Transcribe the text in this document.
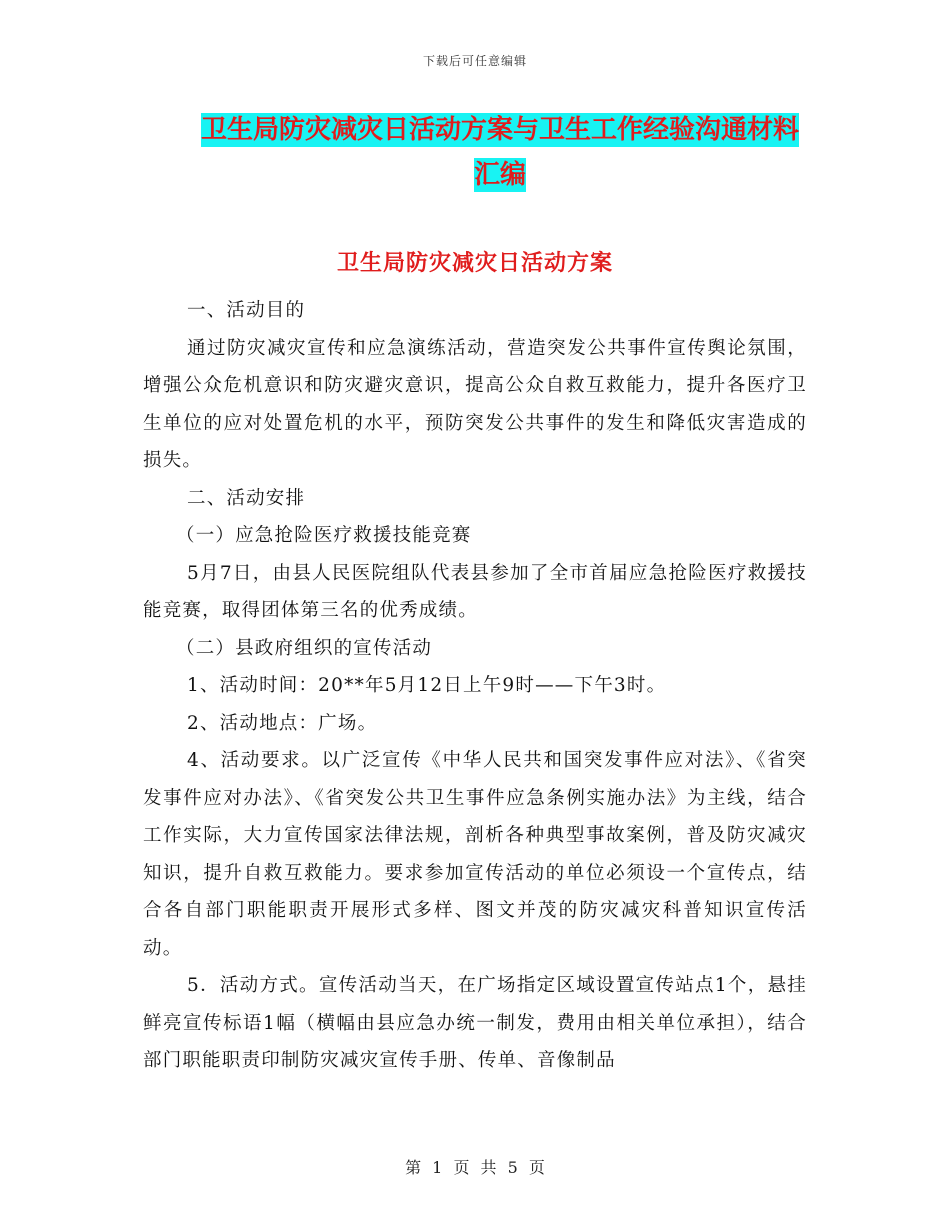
下载后可任意编辑
卫生局防灾减灾日活动方案与卫生工作经验沟通材料
汇编
卫生局防灾减灾日活动方案

一、活动目的

通过防灾减灾宣传和应急演练活动，营造突发公共事件宣传舆论氛围，增强公众危机意识和防灾避灾意识，提高公众自救互救能力，提升各医疗卫生单位的应对处置危机的水平，预防突发公共事件的发生和降低灾害造成的损失。

二、活动安排

（一）应急抢险医疗救援技能竞赛

5月7日，由县人民医院组队代表县参加了全市首届应急抢险医疗救援技能竞赛，取得团体第三名的优秀成绩。

（二）县政府组织的宣传活动

1、活动时间：20**年5月12日上午9时——下午3时。

2、活动地点：广场。

4、活动要求。以广泛宣传《中华人民共和国突发事件应对法》、《省突发事件应对办法》、《省突发公共卫生事件应急条例实施办法》为主线，结合工作实际，大力宣传国家法律法规，剖析各种典型事故案例，普及防灾减灾知识，提升自救互救能力。要求参加宣传活动的单位必须设一个宣传点，结合各自部门职能职责开展形式多样、图文并茂的防灾减灾科普知识宣传活动。

5．活动方式。宣传活动当天，在广场指定区域设置宣传站点1个，悬挂鲜亮宣传标语1幅（横幅由县应急办统一制发，费用由相关单位承担），结合部门职能职责印制防灾减灾宣传手册、传单、音像制品

第 1 页 共 5 页
